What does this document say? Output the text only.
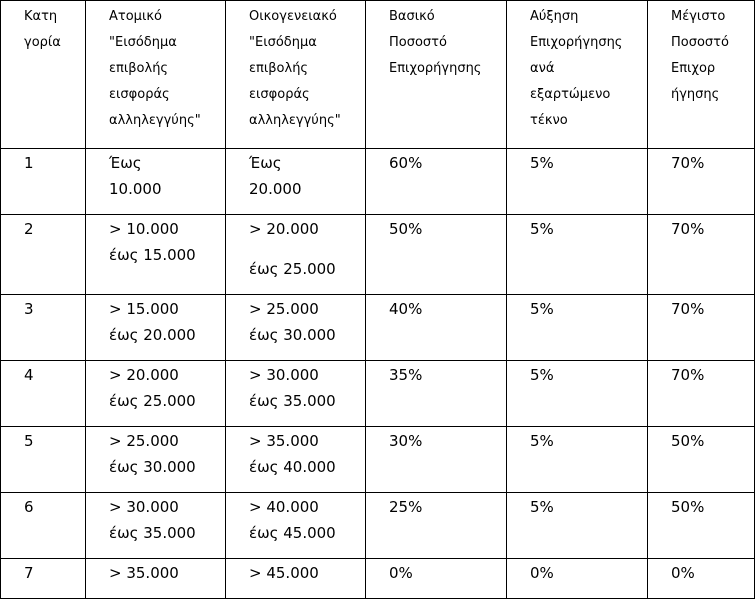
Κατη
γορία	Ατομικό
"Εισόδημα
επιβολής
εισφοράς
αλληλεγγύης"	Οικογενειακό
"Εισόδημα
επιβολής
εισφοράς
αλληλεγγύης"	Βασικό
Ποσοστό
Επιχορήγησης	Αύξηση
Επιχορήγησης
ανά
εξαρτώμενο
τέκνο	Μέγιστο
Ποσοστό
Επιχορ
ήγησης

1	Έως
10.000	Έως
20.000	60%	5%	70%
2	> 10.000
έως 15.000	> 20.000
έως 25.000	50%	5%	70%
3	> 15.000
έως 20.000	> 25.000
έως 30.000	40%	5%	70%
4	> 20.000
έως 25.000	> 30.000
έως 35.000	35%	5%	70%
5	> 25.000
έως 30.000	> 35.000
έως 40.000	30%	5%	50%
6	> 30.000
έως 35.000	> 40.000
έως 45.000	25%	5%	50%
7	> 35.000	> 45.000	0%	0%	0%
